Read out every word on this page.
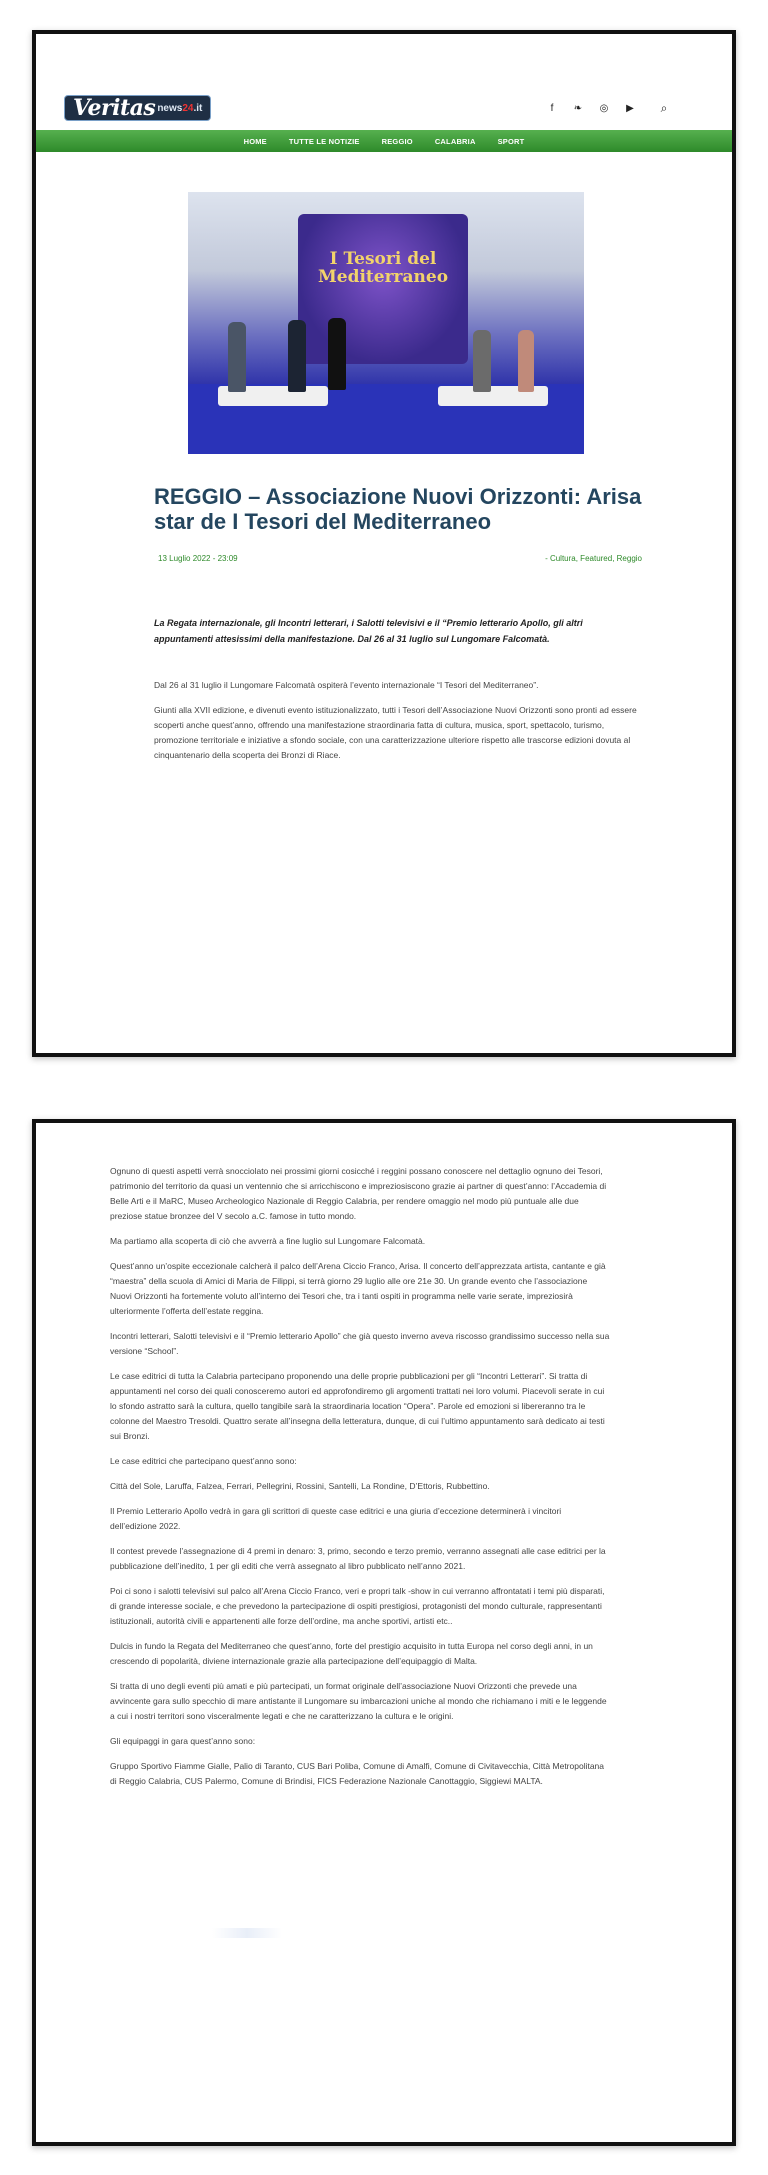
Veritas news24.it	f	❧ ◎ ▶ ⌕
HOME	TUTTE LE NOTIZIE	REGGIO	CALABRIA	SPORT
I Tesori del
Mediterraneo
REGGIO – Associazione Nuovi Orizzonti: Arisa star de I Tesori del Mediterraneo
13 Luglio 2022 - 23:09	- Cultura, Featured, Reggio
La Regata internazionale, gli Incontri letterari, i Salotti televisivi e il “Premio letterario Apollo, gli altri appuntamenti attesissimi della manifestazione. Dal 26 al 31 luglio sul Lungomare Falcomatà.

Dal 26 al 31 luglio il Lungomare Falcomatà ospiterà l’evento internazionale “I Tesori del Mediterraneo”.

Giunti alla XVII edizione, e divenuti evento istituzionalizzato, tutti i Tesori dell’Associazione Nuovi Orizzonti sono pronti ad essere scoperti anche quest’anno, offrendo una manifestazione straordinaria fatta di cultura, musica, sport, spettacolo, turismo, promozione territoriale e iniziative a sfondo sociale, con una caratterizzazione ulteriore rispetto alle trascorse edizioni dovuta al cinquantenario della scoperta dei Bronzi di Riace.

Ognuno di questi aspetti verrà snocciolato nei prossimi giorni cosicché i reggini possano conoscere nel dettaglio ognuno dei Tesori, patrimonio del territorio da quasi un ventennio che si arricchiscono e impreziosiscono grazie ai partner di quest’anno: l’Accademia di Belle Arti e il MaRC, Museo Archeologico Nazionale di Reggio Calabria, per rendere omaggio nel modo più puntuale alle due preziose statue bronzee del V secolo a.C. famose in tutto mondo.

Ma partiamo alla scoperta di ciò che avverrà a fine luglio sul Lungomare Falcomatà.

Quest’anno un’ospite eccezionale calcherà il palco dell’Arena Ciccio Franco, Arisa. Il concerto dell’apprezzata artista, cantante e già “maestra” della scuola di Amici di Maria de Filippi, si terrà giorno 29 luglio alle ore 21e 30. Un grande evento che l’associazione Nuovi Orizzonti ha fortemente voluto all’interno dei Tesori che, tra i tanti ospiti in programma nelle varie serate, impreziosirà ulteriormente l’offerta dell’estate reggina.

Incontri letterari, Salotti televisivi e il “Premio letterario Apollo” che già questo inverno aveva riscosso grandissimo successo nella sua versione “School”.

Le case editrici di tutta la Calabria partecipano proponendo una delle proprie pubblicazioni per gli “Incontri Letterari”. Si tratta di appuntamenti nel corso dei quali conosceremo autori ed approfondiremo gli argomenti trattati nei loro volumi. Piacevoli serate in cui lo sfondo astratto sarà la cultura, quello tangibile sarà la straordinaria location “Opera”. Parole ed emozioni si libereranno tra le colonne del Maestro Tresoldi. Quattro serate all’insegna della letteratura, dunque, di cui l’ultimo appuntamento sarà dedicato ai testi sui Bronzi.

Le case editrici che partecipano quest’anno sono:

Città del Sole, Laruffa, Falzea, Ferrari, Pellegrini, Rossini, Santelli, La Rondine, D’Ettoris, Rubbettino.

Il Premio Letterario Apollo vedrà in gara gli scrittori di queste case editrici e una giuria d’eccezione determinerà i vincitori dell’edizione 2022.

Il contest prevede l’assegnazione di 4 premi in denaro: 3, primo, secondo e terzo premio, verranno assegnati alle case editrici per la pubblicazione dell’inedito, 1 per gli editi che verrà assegnato al libro pubblicato nell’anno 2021.

Poi ci sono i salotti televisivi sul palco all’Arena Ciccio Franco, veri e propri talk -show in cui verranno affrontatati i temi più disparati, di grande interesse sociale, e che prevedono la partecipazione di ospiti prestigiosi, protagonisti del mondo culturale, rappresentanti istituzionali, autorità civili e appartenenti alle forze dell’ordine, ma anche sportivi, artisti etc..

Dulcis in fundo la Regata del Mediterraneo che quest’anno, forte del prestigio acquisito in tutta Europa nel corso degli anni, in un crescendo di popolarità, diviene internazionale grazie alla partecipazione dell’equipaggio di Malta.

Si tratta di uno degli eventi più amati e più partecipati, un format originale dell’associazione Nuovi Orizzonti che prevede una avvincente gara sullo specchio di mare antistante il Lungomare su imbarcazioni uniche al mondo che richiamano i miti e le leggende a cui i nostri territori sono visceralmente legati e che ne caratterizzano la cultura e le origini.

Gli equipaggi in gara quest’anno sono:

Gruppo Sportivo Fiamme Gialle, Palio di Taranto, CUS Bari Poliba, Comune di Amalfi, Comune di Civitavecchia, Città Metropolitana di Reggio Calabria, CUS Palermo, Comune di Brindisi, FICS Federazione Nazionale Canottaggio, Siggiewi MALTA.
